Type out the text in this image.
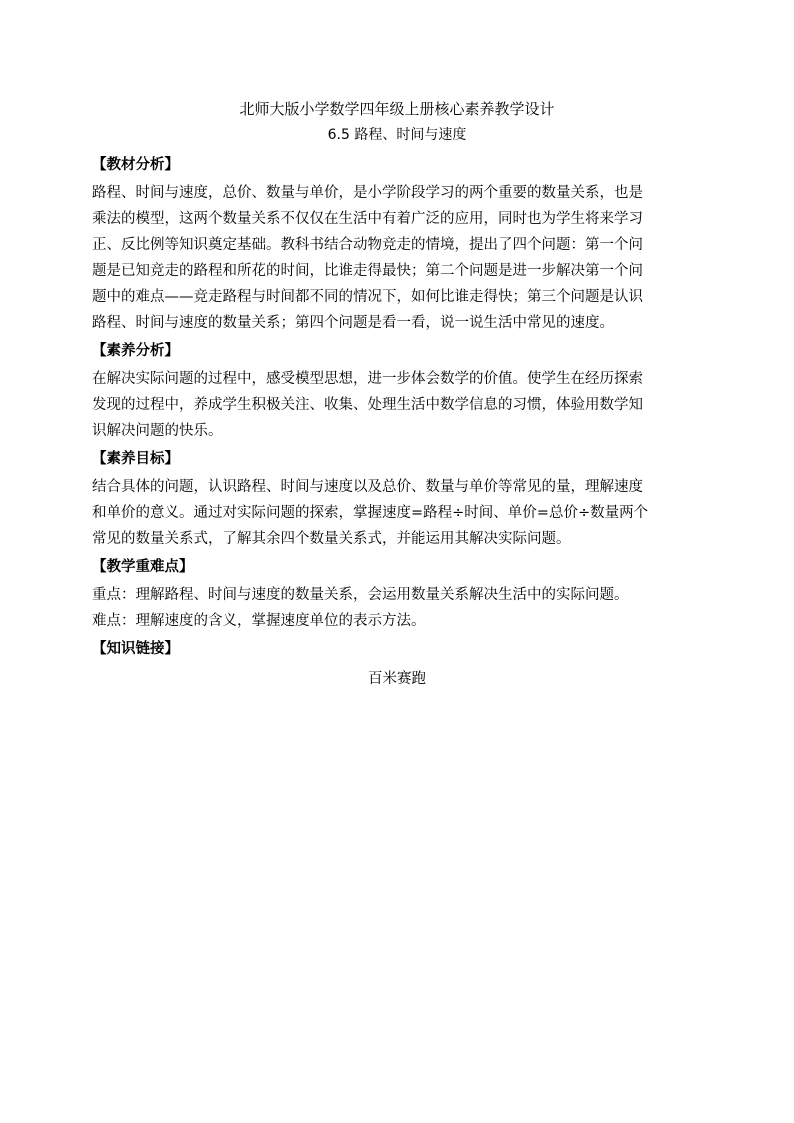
北师大版小学数学四年级上册核心素养教学设计

6.5 路程、时间与速度

【教材分析】

路程、时间与速度，总价、数量与单价，是小学阶段学习的两个重要的数量关系，也是
乘法的模型，这两个数量关系不仅仅在生活中有着广泛的应用，同时也为学生将来学习
正、反比例等知识奠定基础。教科书结合动物竞走的情境，提出了四个问题：第一个问
题是已知竞走的路程和所花的时间，比谁走得最快；第二个问题是进一步解决第一个问
题中的难点——竞走路程与时间都不同的情况下，如何比谁走得快；第三个问题是认识
路程、时间与速度的数量关系；第四个问题是看一看，说一说生活中常见的速度。

【素养分析】

在解决实际问题的过程中，感受模型思想，进一步体会数学的价值。使学生在经历探索
发现的过程中，养成学生积极关注、收集、处理生活中数学信息的习惯，体验用数学知
识解决问题的快乐。

【素养目标】

结合具体的问题，认识路程、时间与速度以及总价、数量与单价等常见的量，理解速度
和单价的意义。通过对实际问题的探索，掌握速度=路程÷时间、单价=总价÷数量两个
常见的数量关系式，了解其余四个数量关系式，并能运用其解决实际问题。

【教学重难点】

重点：理解路程、时间与速度的数量关系，会运用数量关系解决生活中的实际问题。
难点：理解速度的含义，掌握速度单位的表示方法。

【知识链接】

百米赛跑
